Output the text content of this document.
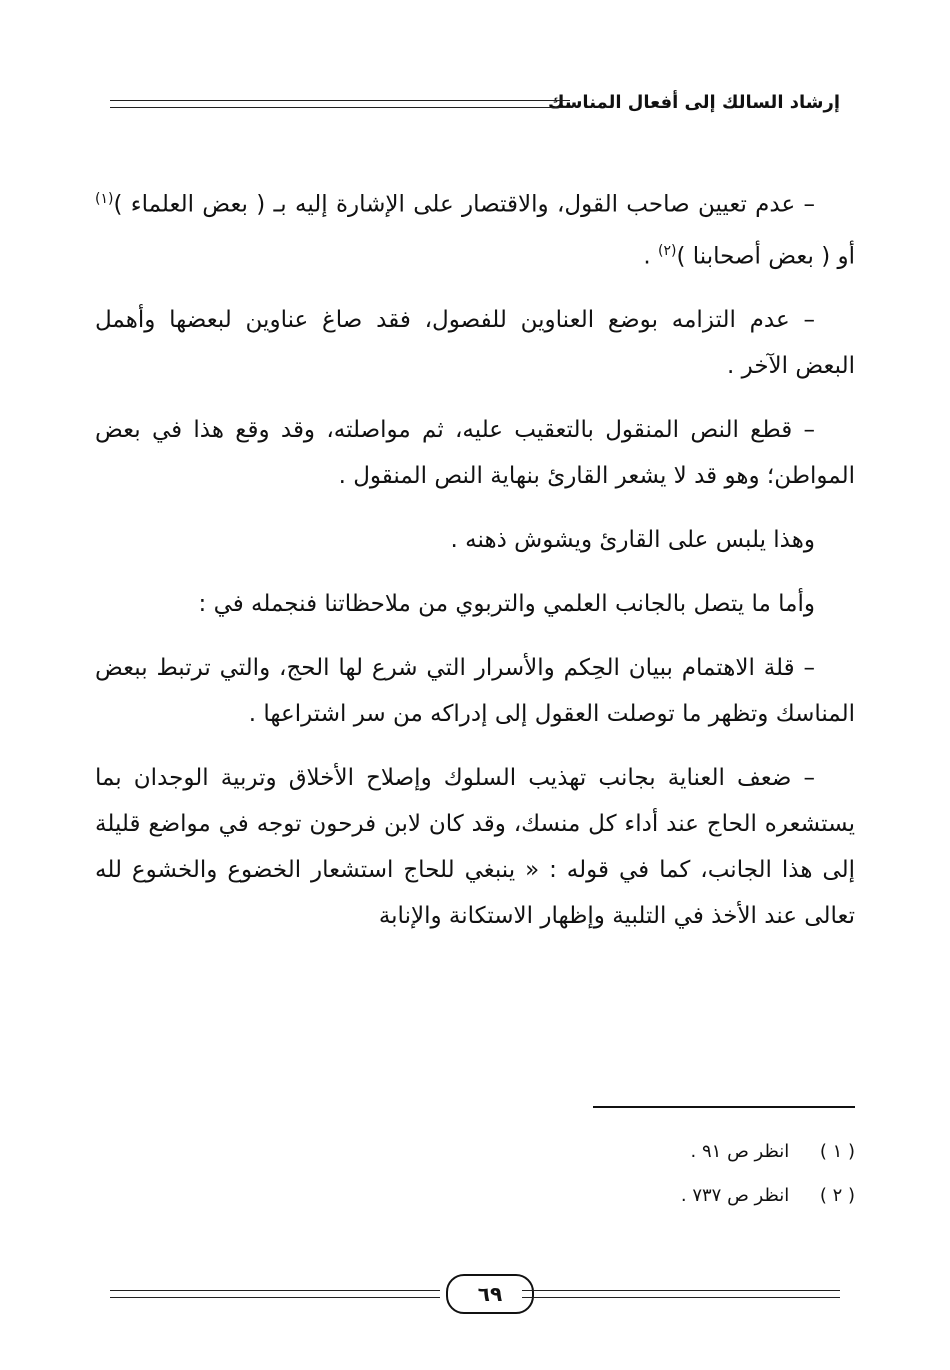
إرشاد السالك إلى أفعال المناسك

– عدم تعيين صاحب القول، والاقتصار على الإشارة إليه بـ ( بعض العلماء )$^{(١)}$ أو ( بعض أصحابنا )$^{(٢)}$ .

– عدم التزامه بوضع العناوين للفصول، فقد صاغ عناوين لبعضها وأهمل البعض الآخر .

– قطع النص المنقول بالتعقيب عليه، ثم مواصلته، وقد وقع هذا في بعض المواطن؛ وهو قد لا يشعر القارئ بنهاية النص المنقول .

وهذا يلبس على القارئ ويشوش ذهنه .

وأما ما يتصل بالجانب العلمي والتربوي من ملاحظاتنا فنجمله في :

– قلة الاهتمام ببيان الحِكم والأسرار التي شرع لها الحج، والتي ترتبط ببعض المناسك وتظهر ما توصلت العقول إلى إدراكه من سر اشتراعها .

– ضعف العناية بجانب تهذيب السلوك وإصلاح الأخلاق وتربية الوجدان بما يستشعره الحاج عند أداء كل منسك، وقد كان لابن فرحون توجه في مواضع قليلة إلى هذا الجانب، كما في قوله : « ينبغي للحاج استشعار الخضوع والخشوع لله تعالى عند الأخذ في التلبية وإظهار الاستكانة والإنابة

( ١ ) انظر ص ٩١ .
( ٢ ) انظر ص ٧٣٧ .
٦٩
